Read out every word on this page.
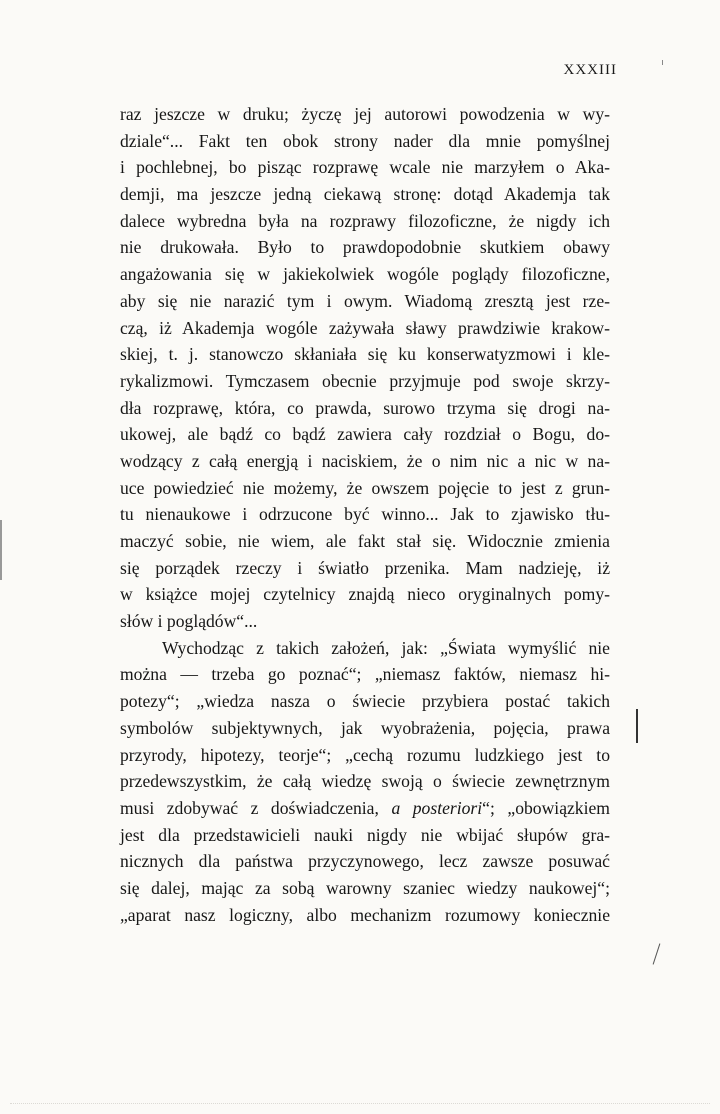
XXXIII
raz jeszcze w druku; życzę jej autorowi powodzenia w wy-
dziale“... Fakt ten obok strony nader dla mnie pomyślnej
i pochlebnej, bo pisząc rozprawę wcale nie marzyłem o Aka-
demji, ma jeszcze jedną ciekawą stronę: dotąd Akademja tak
dalece wybredna była na rozprawy filozoficzne, że nigdy ich
nie drukowała. Było to prawdopodobnie skutkiem obawy
angażowania się w jakiekolwiek wogóle poglądy filozoficzne,
aby się nie narazić tym i owym. Wiadomą zresztą jest rze-
czą, iż Akademja wogóle zażywała sławy prawdziwie krakow-
skiej, t. j. stanowczo skłaniała się ku konserwatyzmowi i kle-
rykalizmowi. Tymczasem obecnie przyjmuje pod swoje skrzy-
dła rozprawę, która, co prawda, surowo trzyma się drogi na-
ukowej, ale bądź co bądź zawiera cały rozdział o Bogu, do-
wodzący z całą energją i naciskiem, że o nim nic a nic w na-
uce powiedzieć nie możemy, że owszem pojęcie to jest z grun-
tu nienaukowe i odrzucone być winno... Jak to zjawisko tłu-
maczyć sobie, nie wiem, ale fakt stał się. Widocznie zmienia
się porządek rzeczy i światło przenika. Mam nadzieję, iż
w książce mojej czytelnicy znajdą nieco oryginalnych pomy-
słów i poglądów“...
Wychodząc z takich założeń, jak: „Świata wymyślić nie
można — trzeba go poznać“; „niemasz faktów, niemasz hi-
potezy“; „wiedza nasza o świecie przybiera postać takich
symbolów subjektywnych, jak wyobrażenia, pojęcia, prawa
przyrody, hipotezy, teorje“; „cechą rozumu ludzkiego jest to
przedewszystkim, że całą wiedzę swoją o świecie zewnętrznym
musi zdobywać z doświadczenia, a posteriori“; „obowiązkiem
jest dla przedstawicieli nauki nigdy nie wbijać słupów gra-
nicznych dla państwa przyczynowego, lecz zawsze posuwać
się dalej, mając za sobą warowny szaniec wiedzy naukowej“;
„aparat nasz logiczny, albo mechanizm rozumowy koniecznie
